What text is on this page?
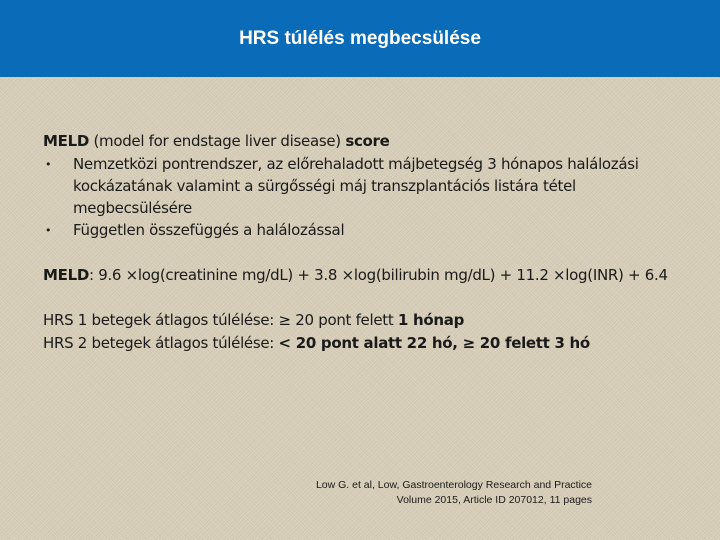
HRS túlélés megbecsülése
MELD (model for endstage liver disease) score
•	Nemzetközi pontrendszer, az előrehaladott májbetegség 3 hónapos halálozási kockázatának valamint a sürgősségi máj transzplantációs listára tétel megbecsülésére
•	Független összefüggés a halálozással
MELD: 9.6 ×log(creatinine mg/dL) + 3.8 ×log(bilirubin mg/dL) + 11.2 ×log(INR) + 6.4
HRS 1 betegek átlagos túlélése: ≥ 20 pont felett 1 hónap
HRS 2 betegek átlagos túlélése: < 20 pont alatt 22 hó, ≥ 20 felett 3 hó
Low G. et al, Low, Gastroenterology Research and Practice
Volume 2015, Article ID 207012, 11 pages
